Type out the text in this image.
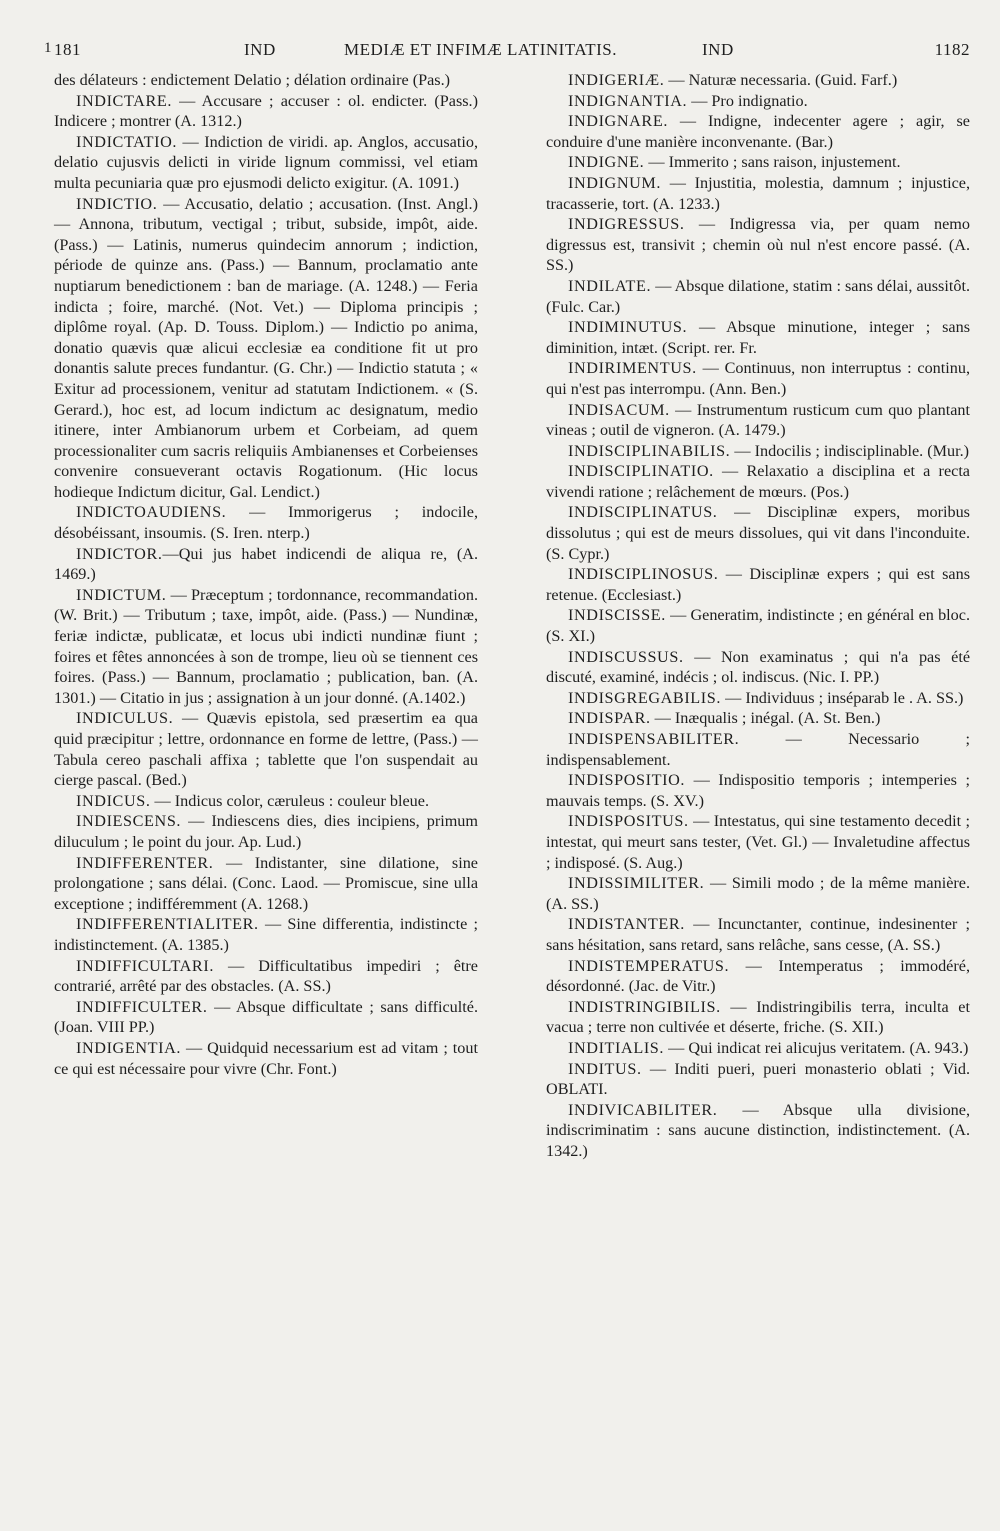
181
1	IND	MEDIÆ ET INFIMÆ LATINITATIS.	IND	1182

des délateurs : endictement Delatio ; délation ordinaire (Pas.)

INDICTARE. — Accusare ; accuser : ol. endicter. (Pass.) Indicere ; montrer (A. 1312.)

INDICTATIO. — Indiction de viridi. ap. Anglos, accusatio, delatio cujusvis delicti in viride lignum commissi, vel etiam multa pecuniaria quæ pro ejusmodi delicto exigitur. (A. 1091.)

INDICTIO. — Accusatio, delatio ; accusation. (Inst. Angl.) — Annona, tributum, vectigal ; tribut, subside, impôt, aide. (Pass.) — Latinis, numerus quindecim annorum ; indiction, période de quinze ans. (Pass.) — Bannum, proclamatio ante nuptiarum benedictionem : ban de mariage. (A. 1248.) — Feria indicta ; foire, marché. (Not. Vet.) — Diploma principis ; diplôme royal. (Ap. D. Touss. Diplom.) — Indictio po anima, donatio quævis quæ alicui ecclesiæ ea conditione fit ut pro donantis salute preces fundantur. (G. Chr.) — Indictio statuta ; « Exitur ad processionem, venitur ad statutam Indictionem. « (S. Gerard.), hoc est, ad locum indictum ac designatum, medio itinere, inter Ambianorum urbem et Corbeiam, ad quem processionaliter cum sacris reliquiis Ambianenses et Corbeienses convenire consueverant octavis Rogationum. (Hic locus hodieque Indictum dicitur, Gal. Lendict.)

INDICTOAUDIENS. — Immorigerus ; indocile, désobéissant, insoumis. (S. Iren. nterp.)

INDICTOR.—Qui jus habet indicendi de aliqua re, (A. 1469.)

INDICTUM. — Præceptum ; tordonnance, recommandation. (W. Brit.) — Tributum ; taxe, impôt, aide. (Pass.) — Nundinæ, feriæ indictæ, publicatæ, et locus ubi indicti nundinæ fiunt ; foires et fêtes annoncées à son de trompe, lieu où se tiennent ces foires. (Pass.) — Bannum, proclamatio ; publication, ban. (A. 1301.) — Citatio in jus ; assignation à un jour donné. (A.1402.)

INDICULUS. — Quævis epistola, sed præsertim ea qua quid præcipitur ; lettre, ordonnance en forme de lettre, (Pass.) — Tabula cereo paschali affixa ; tablette que l'on suspendait au cierge pascal. (Bed.)

INDICUS. — Indicus color, cæruleus : couleur bleue.

INDIESCENS. — Indiescens dies, dies incipiens, primum diluculum ; le point du jour. Ap. Lud.)

INDIFFERENTER. — Indistanter, sine dilatione, sine prolongatione ; sans délai. (Conc. Laod. — Promiscue, sine ulla exceptione ; indifféremment (A. 1268.)

INDIFFERENTIALITER. — Sine differentia, indistincte ; indistinctement. (A. 1385.)

INDIFFICULTARI. — Difficultatibus impediri ; être contrarié, arrêté par des obstacles. (A. SS.)

INDIFFICULTER. — Absque difficultate ; sans difficulté. (Joan. VIII PP.)

INDIGENTIA. — Quidquid necessarium est ad vitam ; tout ce qui est nécessaire pour vivre (Chr. Font.)

INDIGERIÆ. — Naturæ necessaria. (Guid. Farf.)

INDIGNANTIA. — Pro indignatio.

INDIGNARE. — Indigne, indecenter agere ; agir, se conduire d'une manière inconvenante. (Bar.)

INDIGNE. — Immerito ; sans raison, injustement.

INDIGNUM. — Injustitia, molestia, damnum ; injustice, tracasserie, tort. (A. 1233.)

INDIGRESSUS. — Indigressa via, per quam nemo digressus est, transivit ; chemin où nul n'est encore passé. (A. SS.)

INDILATE. — Absque dilatione, statim : sans délai, aussitôt. (Fulc. Car.)

INDIMINUTUS. — Absque minutione, integer ; sans diminition, intæt. (Script. rer. Fr.

INDIRIMENTUS. — Continuus, non interruptus : continu, qui n'est pas interrompu. (Ann. Ben.)

INDISACUM. — Instrumentum rusticum cum quo plantant vineas ; outil de vigneron. (A. 1479.)

INDISCIPLINABILIS. — Indocilis ; indisciplinable. (Mur.)

INDISCIPLINATIO. — Relaxatio a disciplina et a recta vivendi ratione ; relâchement de mœurs. (Pos.)

INDISCIPLINATUS. — Disciplinæ expers, moribus dissolutus ; qui est de meurs dissolues, qui vit dans l'inconduite. (S. Cypr.)

INDISCIPLINOSUS. — Disciplinæ expers ; qui est sans retenue. (Ecclesiast.)

INDISCISSE. — Generatim, indistincte ; en général en bloc. (S. XI.)

INDISCUSSUS. — Non examinatus ; qui n'a pas été discuté, examiné, indécis ; ol. indiscus. (Nic. I. PP.)

INDISGREGABILIS. — Individuus ; inséparab le . A. SS.)

INDISPAR. — Inæqualis ; inégal. (A. St. Ben.)

INDISPENSABILITER. — Necessario ; indispensablement.

INDISPOSITIO. — Indispositio temporis ; intemperies ; mauvais temps. (S. XV.)

INDISPOSITUS. — Intestatus, qui sine testamento decedit ; intestat, qui meurt sans tester, (Vet. Gl.) — Invaletudine affectus ; indisposé. (S. Aug.)

INDISSIMILITER. — Simili modo ; de la même manière. (A. SS.)

INDISTANTER. — Incunctanter, continue, indesinenter ; sans hésitation, sans retard, sans relâche, sans cesse, (A. SS.)

INDISTEMPERATUS. — Intemperatus ; immodéré, désordonné. (Jac. de Vitr.)

INDISTRINGIBILIS. — Indistringibilis terra, inculta et vacua ; terre non cultivée et déserte, friche. (S. XII.)

INDITIALIS. — Qui indicat rei alicujus veritatem. (A. 943.)

INDITUS. — Inditi pueri, pueri monasterio oblati ; Vid. OBLATI.

INDIVICABILITER. — Absque ulla divisione, indiscriminatim : sans aucune distinction, indistinctement. (A. 1342.)
